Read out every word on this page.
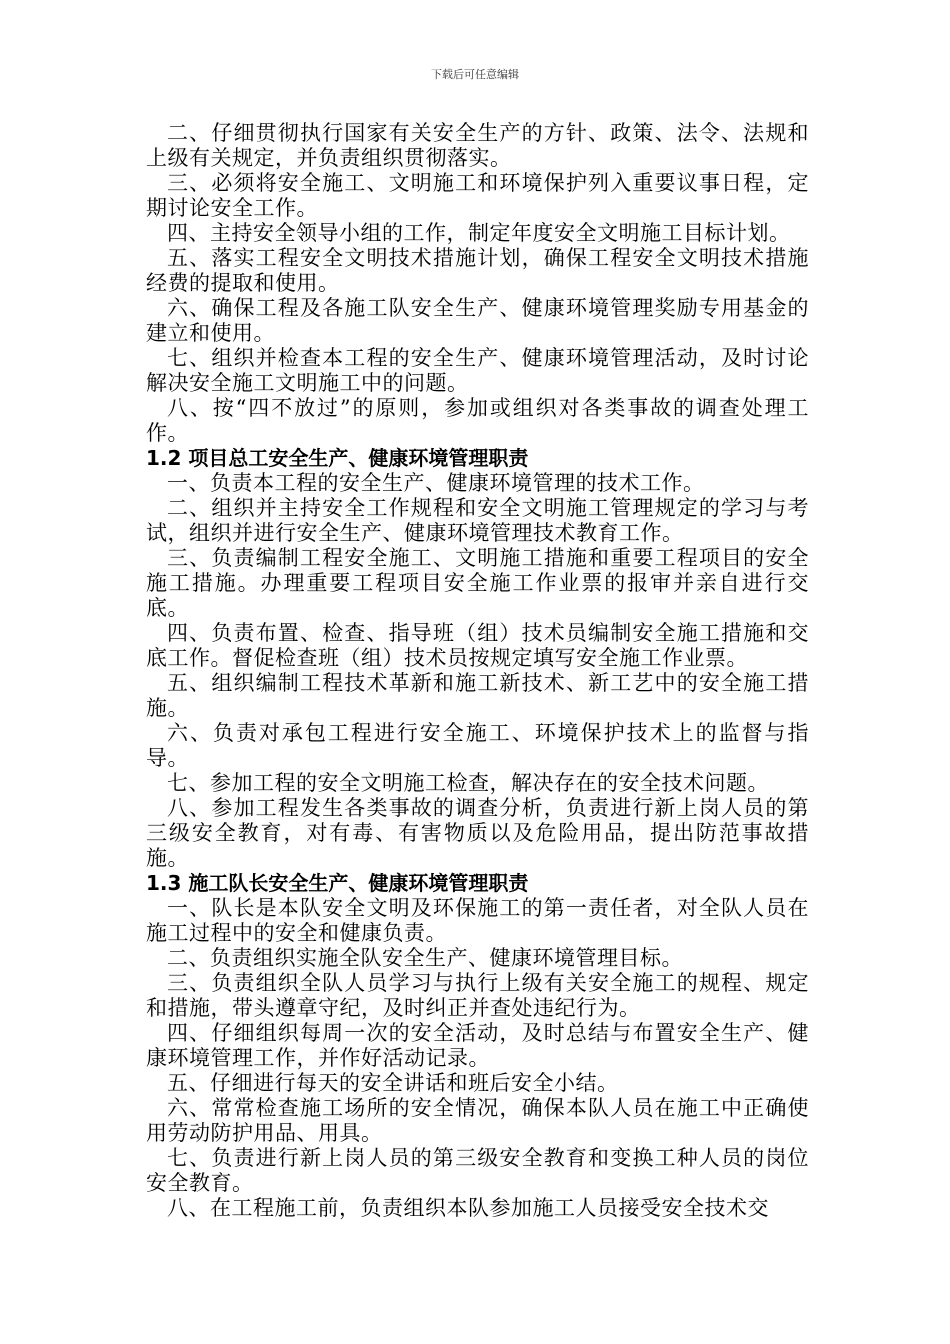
下载后可任意编辑

二、仔细贯彻执行国家有关安全生产的方针、政策、法令、法规和上级有关规定，并负责组织贯彻落实。

三、必须将安全施工、文明施工和环境保护列入重要议事日程，定期讨论安全工作。

四、主持安全领导小组的工作，制定年度安全文明施工目标计划。

五、落实工程安全文明技术措施计划，确保工程安全文明技术措施经费的提取和使用。

六、确保工程及各施工队安全生产、健康环境管理奖励专用基金的建立和使用。

七、组织并检查本工程的安全生产、健康环境管理活动，及时讨论解决安全施工文明施工中的问题。

八、按“四不放过”的原则，参加或组织对各类事故的调查处理工作。

1.2 项目总工安全生产、健康环境管理职责

一、负责本工程的安全生产、健康环境管理的技术工作。

二、组织并主持安全工作规程和安全文明施工管理规定的学习与考试，组织并进行安全生产、健康环境管理技术教育工作。

三、负责编制工程安全施工、文明施工措施和重要工程项目的安全施工措施。办理重要工程项目安全施工作业票的报审并亲自进行交底。

四、负责布置、检查、指导班（组）技术员编制安全施工措施和交底工作。督促检查班（组）技术员按规定填写安全施工作业票。

五、组织编制工程技术革新和施工新技术、新工艺中的安全施工措施。

六、负责对承包工程进行安全施工、环境保护技术上的监督与指导。

七、参加工程的安全文明施工检查，解决存在的安全技术问题。

八、参加工程发生各类事故的调查分析，负责进行新上岗人员的第三级安全教育，对有毒、有害物质以及危险用品，提出防范事故措施。

1.3 施工队长安全生产、健康环境管理职责

一、队长是本队安全文明及环保施工的第一责任者，对全队人员在施工过程中的安全和健康负责。

二、负责组织实施全队安全生产、健康环境管理目标。

三、负责组织全队人员学习与执行上级有关安全施工的规程、规定和措施，带头遵章守纪，及时纠正并查处违纪行为。

四、仔细组织每周一次的安全活动，及时总结与布置安全生产、健康环境管理工作，并作好活动记录。

五、仔细进行每天的安全讲话和班后安全小结。

六、常常检查施工场所的安全情况，确保本队人员在施工中正确使用劳动防护用品、用具。

七、负责进行新上岗人员的第三级安全教育和变换工种人员的岗位安全教育。

八、在工程施工前，负责组织本队参加施工人员接受安全技术交
